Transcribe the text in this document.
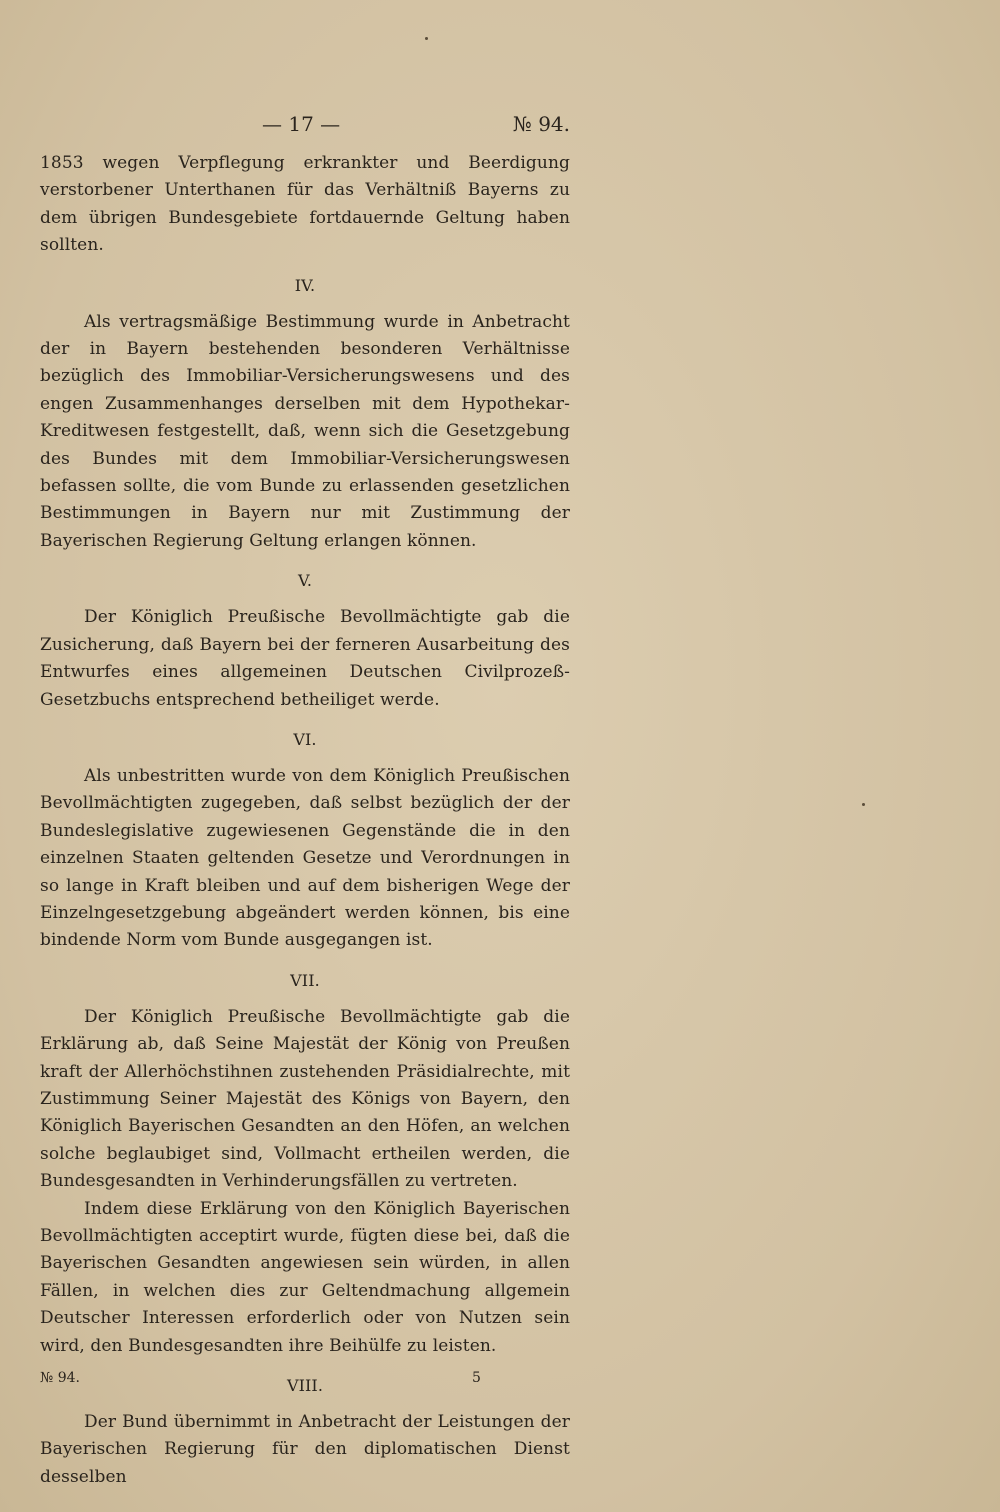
— 17 —	№ 94.

1853 wegen Verpflegung erkrankter und Beerdigung verstorbener Unterthanen für das Verhältniß Bayerns zu dem übrigen Bundesgebiete fortdauernde Geltung haben sollten.

IV.

Als vertragsmäßige Bestimmung wurde in Anbetracht der in Bayern bestehenden besonderen Verhältnisse bezüglich des Immobiliar-Versicherungswesens und des engen Zusammenhanges derselben mit dem Hypothekar-Kreditwesen festgestellt, daß, wenn sich die Gesetzgebung des Bundes mit dem Immobiliar-Versicherungswesen befassen sollte, die vom Bunde zu erlassenden gesetzlichen Bestimmungen in Bayern nur mit Zustimmung der Bayerischen Regierung Geltung erlangen können.

V.

Der Königlich Preußische Bevollmächtigte gab die Zusicherung, daß Bayern bei der ferneren Ausarbeitung des Entwurfes eines allgemeinen Deutschen Civilprozeß-Gesetzbuchs entsprechend betheiliget werde.

VI.

Als unbestritten wurde von dem Königlich Preußischen Bevollmächtigten zugegeben, daß selbst bezüglich der der Bundeslegislative zugewiesenen Gegenstände die in den einzelnen Staaten geltenden Gesetze und Verordnungen in so lange in Kraft bleiben und auf dem bisherigen Wege der Einzelngesetzgebung abgeändert werden können, bis eine bindende Norm vom Bunde ausgegangen ist.

VII.

Der Königlich Preußische Bevollmächtigte gab die Erklärung ab, daß Seine Majestät der König von Preußen kraft der Allerhöchstihnen zustehenden Präsidialrechte, mit Zustimmung Seiner Majestät des Königs von Bayern, den Königlich Bayerischen Gesandten an den Höfen, an welchen solche beglaubiget sind, Vollmacht ertheilen werden, die Bundesgesandten in Verhinderungsfällen zu vertreten.

Indem diese Erklärung von den Königlich Bayerischen Bevollmächtigten acceptirt wurde, fügten diese bei, daß die Bayerischen Gesandten angewiesen sein würden, in allen Fällen, in welchen dies zur Geltendmachung allgemein Deutscher Interessen erforderlich oder von Nutzen sein wird, den Bundesgesandten ihre Beihülfe zu leisten.

VIII.

Der Bund übernimmt in Anbetracht der Leistungen der Bayerischen Regierung für den diplomatischen Dienst desselben

№ 94.	5
